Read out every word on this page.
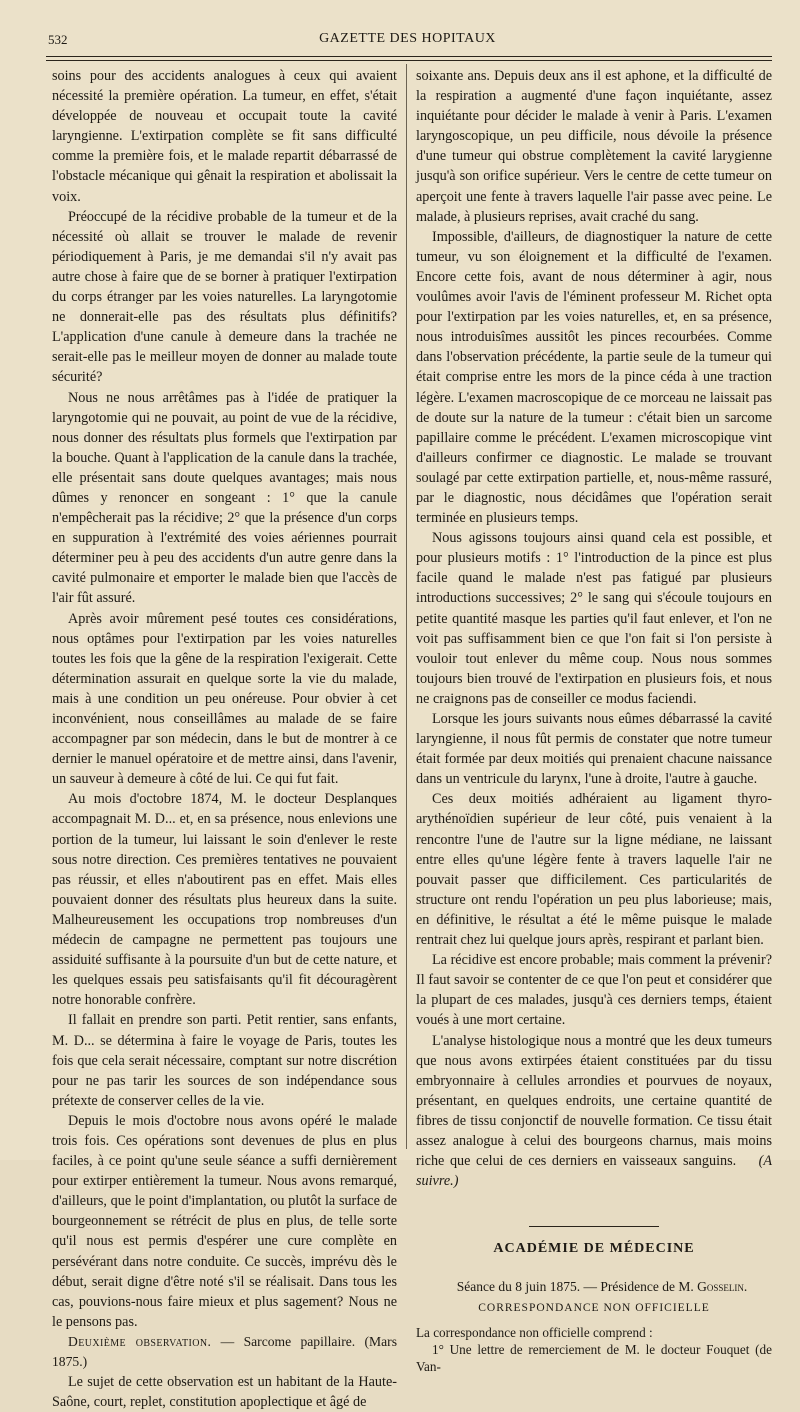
532	GAZETTE DES HOPITAUX

soins pour des accidents analogues à ceux qui avaient nécessité la première opération. La tumeur, en effet, s'était développée de nouveau et occupait toute la cavité laryngienne. L'extirpation complète se fit sans difficulté comme la première fois, et le malade repartit débarrassé de l'obstacle mécanique qui gênait la respiration et abolissait la voix.

Préoccupé de la récidive probable de la tumeur et de la nécessité où allait se trouver le malade de revenir périodiquement à Paris, je me demandai s'il n'y avait pas autre chose à faire que de se borner à pratiquer l'extirpation du corps étranger par les voies naturelles. La laryngotomie ne donnerait-elle pas des résultats plus définitifs? L'application d'une canule à demeure dans la trachée ne serait-elle pas le meilleur moyen de donner au malade toute sécurité?

Nous ne nous arrêtâmes pas à l'idée de pratiquer la laryngotomie qui ne pouvait, au point de vue de la récidive, nous donner des résultats plus formels que l'extirpation par la bouche. Quant à l'application de la canule dans la trachée, elle présentait sans doute quelques avantages; mais nous dûmes y renoncer en songeant : 1° que la canule n'empêcherait pas la récidive; 2° que la présence d'un corps en suppuration à l'extrémité des voies aériennes pourrait déterminer peu à peu des accidents d'un autre genre dans la cavité pulmonaire et emporter le malade bien que l'accès de l'air fût assuré.

Après avoir mûrement pesé toutes ces considérations, nous optâmes pour l'extirpation par les voies naturelles toutes les fois que la gêne de la respiration l'exigerait. Cette détermination assurait en quelque sorte la vie du malade, mais à une condition un peu onéreuse. Pour obvier à cet inconvénient, nous conseillâmes au malade de se faire accompagner par son médecin, dans le but de montrer à ce dernier le manuel opératoire et de mettre ainsi, dans l'avenir, un sauveur à demeure à côté de lui. Ce qui fut fait.

Au mois d'octobre 1874, M. le docteur Desplanques accompagnait M. D... et, en sa présence, nous enlevions une portion de la tumeur, lui laissant le soin d'enlever le reste sous notre direction. Ces premières tentatives ne pouvaient pas réussir, et elles n'aboutirent pas en effet. Mais elles pouvaient donner des résultats plus heureux dans la suite. Malheureusement les occupations trop nombreuses d'un médecin de campagne ne permettent pas toujours une assiduité suffisante à la poursuite d'un but de cette nature, et les quelques essais peu satisfaisants qu'il fit découragèrent notre honorable confrère.

Il fallait en prendre son parti. Petit rentier, sans enfants, M. D... se détermina à faire le voyage de Paris, toutes les fois que cela serait nécessaire, comptant sur notre discrétion pour ne pas tarir les sources de son indépendance sous prétexte de conserver celles de la vie.

Depuis le mois d'octobre nous avons opéré le malade trois fois. Ces opérations sont devenues de plus en plus faciles, à ce point qu'une seule séance a suffi dernièrement pour extirper entièrement la tumeur. Nous avons remarqué, d'ailleurs, que le point d'implantation, ou plutôt la surface de bourgeonnement se rétrécit de plus en plus, de telle sorte qu'il nous est permis d'espérer une cure complète en persévérant dans notre conduite. Ce succès, imprévu dès le début, serait digne d'être noté s'il se réalisait. Dans tous les cas, pouvions-nous faire mieux et plus sagement? Nous ne le pensons pas.

Deuxième observation. — Sarcome papillaire. (Mars 1875.)

Le sujet de cette observation est un habitant de la Haute-Saône, court, replet, constitution apoplectique et âgé de

soixante ans. Depuis deux ans il est aphone, et la difficulté de la respiration a augmenté d'une façon inquiétante, assez inquiétante pour décider le malade à venir à Paris. L'examen laryngoscopique, un peu difficile, nous dévoile la présence d'une tumeur qui obstrue complètement la cavité larygienne jusqu'à son orifice supérieur. Vers le centre de cette tumeur on aperçoit une fente à travers laquelle l'air passe avec peine. Le malade, à plusieurs reprises, avait craché du sang.

Impossible, d'ailleurs, de diagnostiquer la nature de cette tumeur, vu son éloignement et la difficulté de l'examen. Encore cette fois, avant de nous déterminer à agir, nous voulûmes avoir l'avis de l'éminent professeur M. Richet opta pour l'extirpation par les voies naturelles, et, en sa présence, nous introduisîmes aussitôt les pinces recourbées. Comme dans l'observation précédente, la partie seule de la tumeur qui était comprise entre les mors de la pince céda à une traction légère. L'examen macroscopique de ce morceau ne laissait pas de doute sur la nature de la tumeur : c'était bien un sarcome papillaire comme le précédent. L'examen microscopique vint d'ailleurs confirmer ce diagnostic. Le malade se trouvant soulagé par cette extirpation partielle, et, nous-même rassuré, par le diagnostic, nous décidâmes que l'opération serait terminée en plusieurs temps.

Nous agissons toujours ainsi quand cela est possible, et pour plusieurs motifs : 1° l'introduction de la pince est plus facile quand le malade n'est pas fatigué par plusieurs introductions successives; 2° le sang qui s'écoule toujours en petite quantité masque les parties qu'il faut enlever, et l'on ne voit pas suffisamment bien ce que l'on fait si l'on persiste à vouloir tout enlever du même coup. Nous nous sommes toujours bien trouvé de l'extirpation en plusieurs fois, et nous ne craignons pas de conseiller ce modus faciendi.

Lorsque les jours suivants nous eûmes débarrassé la cavité laryngienne, il nous fût permis de constater que notre tumeur était formée par deux moitiés qui prenaient chacune naissance dans un ventricule du larynx, l'une à droite, l'autre à gauche.

Ces deux moitiés adhéraient au ligament thyro-arythénoïdien supérieur de leur côté, puis venaient à la rencontre l'une de l'autre sur la ligne médiane, ne laissant entre elles qu'une légère fente à travers laquelle l'air ne pouvait passer que difficilement. Ces particularités de structure ont rendu l'opération un peu plus laborieuse; mais, en définitive, le résultat a été le même puisque le malade rentrait chez lui quelque jours après, respirant et parlant bien.

La récidive est encore probable; mais comment la prévenir? Il faut savoir se contenter de ce que l'on peut et considérer que la plupart de ces malades, jusqu'à ces derniers temps, étaient voués à une mort certaine.

L'analyse histologique nous a montré que les deux tumeurs que nous avons extirpées étaient constituées par du tissu embryonnaire à cellules arrondies et pourvues de noyaux, présentant, en quelques endroits, une certaine quantité de fibres de tissu conjonctif de nouvelle formation. Ce tissu était assez analogue à celui des bourgeons charnus, mais moins riche que celui de ces derniers en vaisseaux sanguins. (A suivre.)

ACADÉMIE DE MÉDECINE

Séance du 8 juin 1875. — Présidence de M. Gosselin.

CORRESPONDANCE NON OFFICIELLE

La correspondance non officielle comprend :

1° Une lettre de remerciement de M. le docteur Fouquet (de Van-
